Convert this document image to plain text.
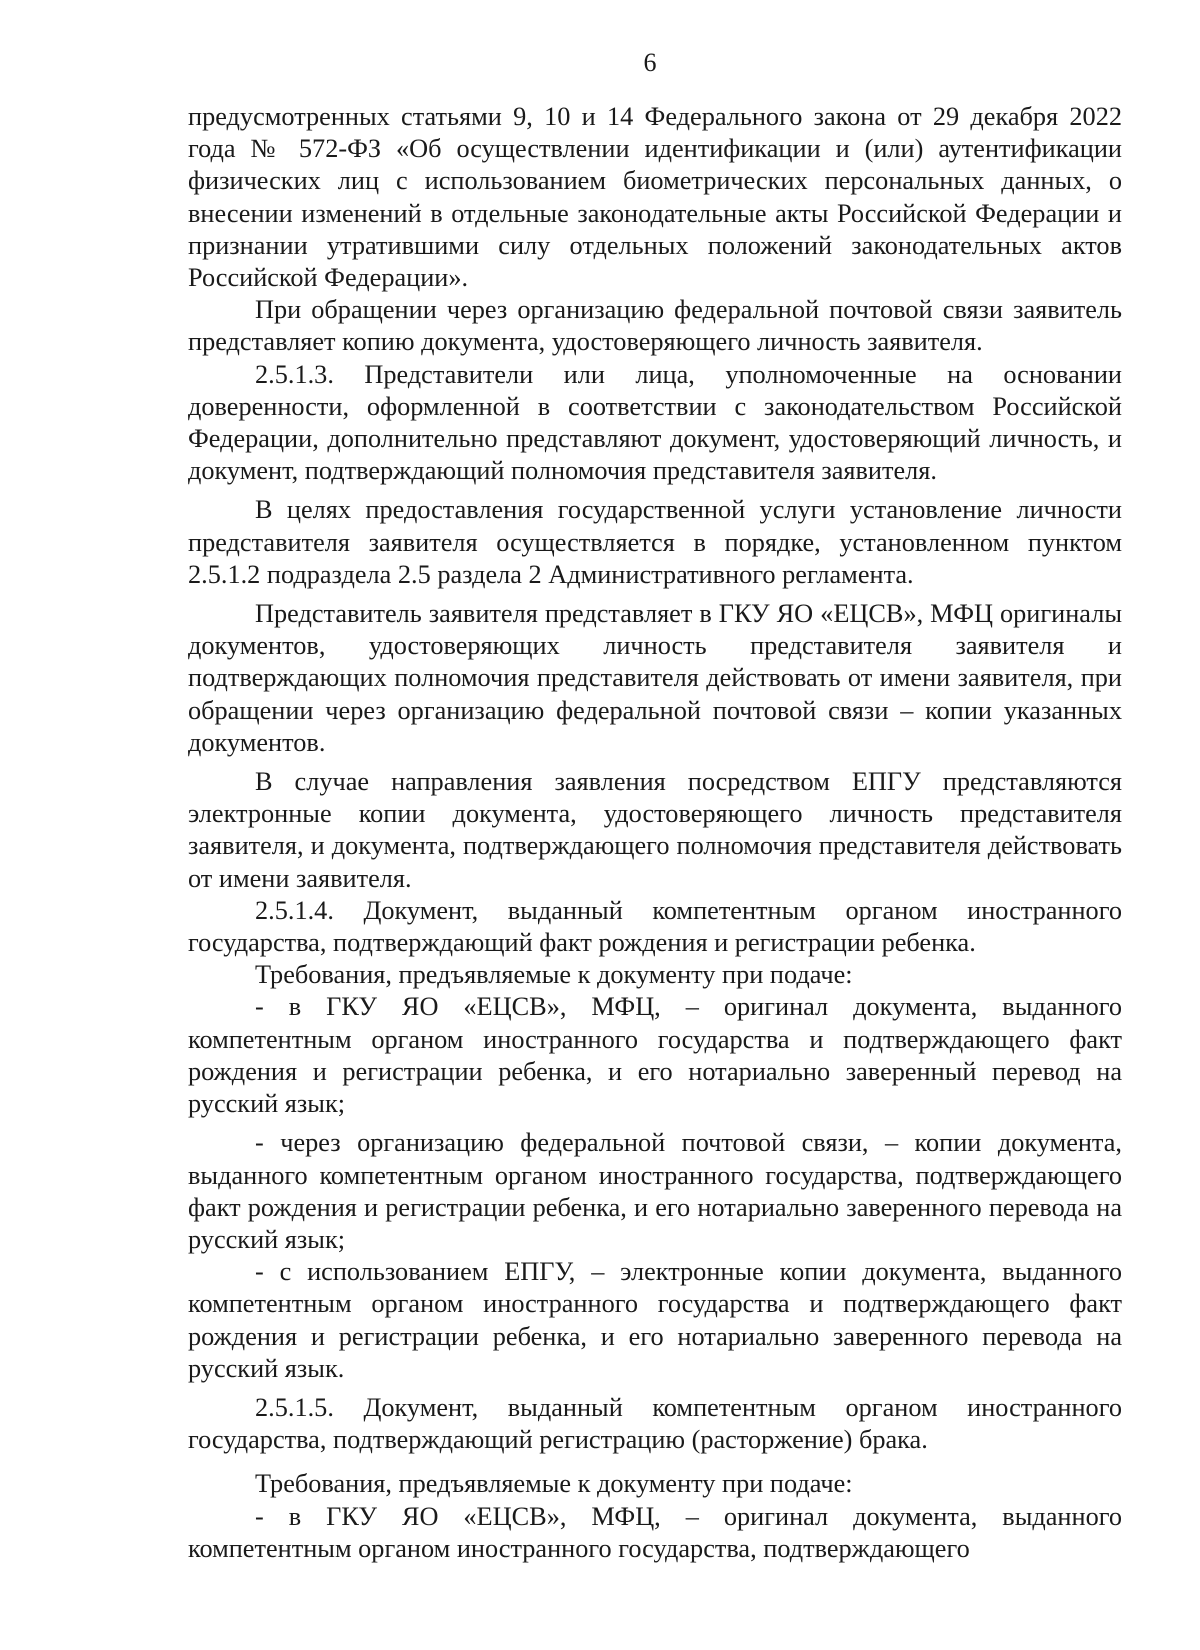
6

предусмотренных статьями 9, 10 и 14 Федерального закона от 29 декабря 2022 года № 572-ФЗ «Об осуществлении идентификации и (или) аутентификации физических лиц с использованием биометрических персональных данных, о внесении изменений в отдельные законодательные акты Российской Федерации и признании утратившими силу отдельных положений законодательных актов Российской Федерации».

При обращении через организацию федеральной почтовой связи заявитель представляет копию документа, удостоверяющего личность заявителя.

2.5.1.3. Представители или лица, уполномоченные на основании доверенности, оформленной в соответствии с законодательством Российской Федерации, дополнительно представляют документ, удостоверяющий личность, и документ, подтверждающий полномочия представителя заявителя.

В целях предоставления государственной услуги установление личности представителя заявителя осуществляется в порядке, установленном пунктом 2.5.1.2 подраздела 2.5 раздела 2 Административного регламента.

Представитель заявителя представляет в ГКУ ЯО «ЕЦСВ», МФЦ оригиналы документов, удостоверяющих личность представителя заявителя и подтверждающих полномочия представителя действовать от имени заявителя, при обращении через организацию федеральной почтовой связи – копии указанных документов.

В случае направления заявления посредством ЕПГУ представляются электронные копии документа, удостоверяющего личность представителя заявителя, и документа, подтверждающего полномочия представителя действовать от имени заявителя.

2.5.1.4. Документ, выданный компетентным органом иностранного государства, подтверждающий факт рождения и регистрации ребенка.

Требования, предъявляемые к документу при подаче:

- в ГКУ ЯО «ЕЦСВ», МФЦ, – оригинал документа, выданного компетентным органом иностранного государства и подтверждающего факт рождения и регистрации ребенка, и его нотариально заверенный перевод на русский язык;

- через организацию федеральной почтовой связи, – копии документа, выданного компетентным органом иностранного государства, подтверждающего факт рождения и регистрации ребенка, и его нотариально заверенного перевода на русский язык;

- с использованием ЕПГУ, – электронные копии документа, выданного компетентным органом иностранного государства и подтверждающего факт рождения и регистрации ребенка, и его нотариально заверенного перевода на русский язык.

2.5.1.5. Документ, выданный компетентным органом иностранного государства, подтверждающий регистрацию (расторжение) брака.

Требования, предъявляемые к документу при подаче:

- в ГКУ ЯО «ЕЦСВ», МФЦ, – оригинал документа, выданного компетентным органом иностранного государства, подтверждающего
